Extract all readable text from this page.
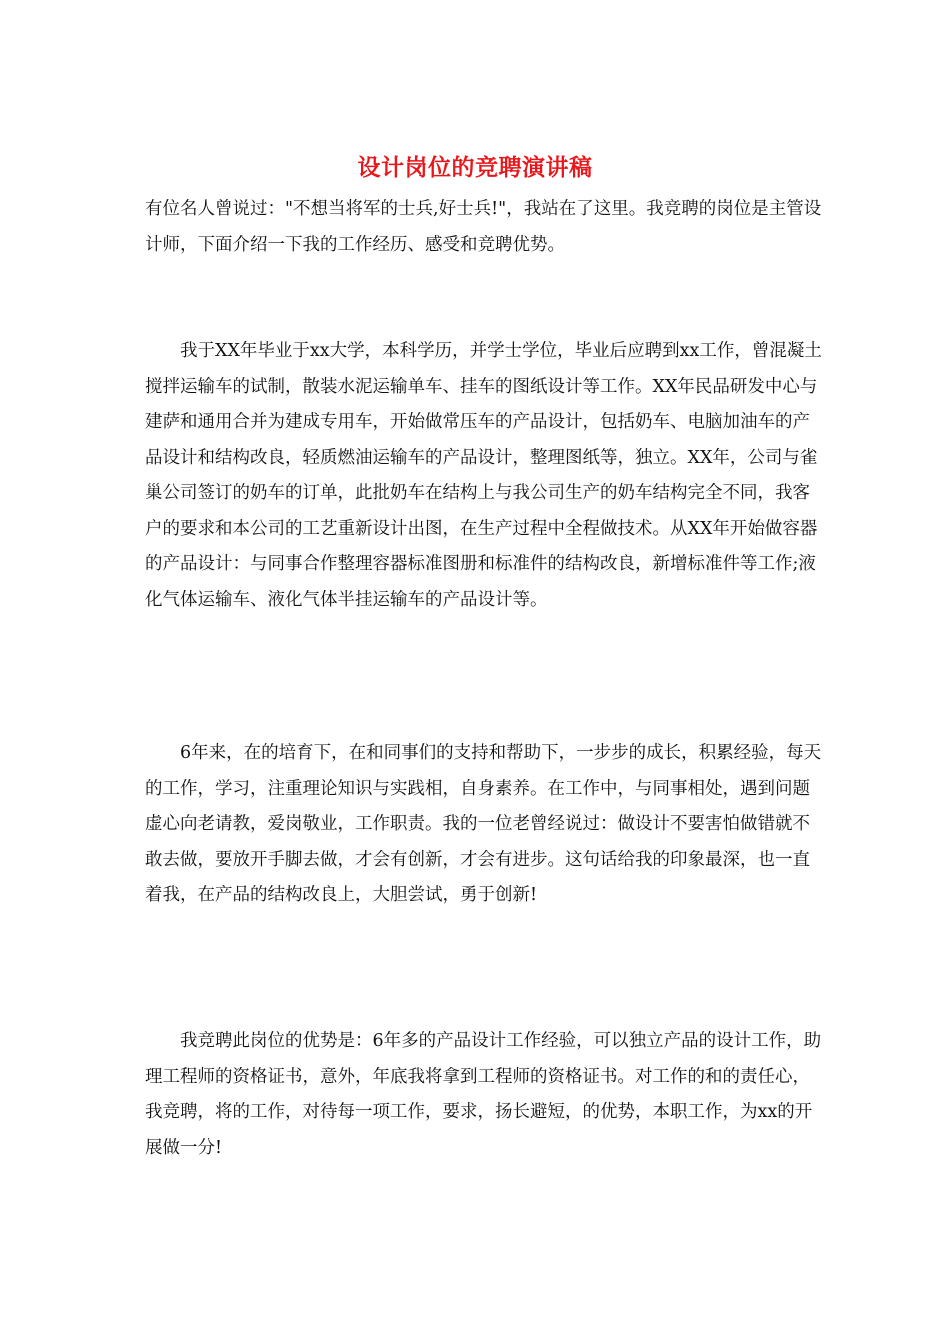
设计岗位的竞聘演讲稿

有位名人曾说过："不想当将军的士兵,好士兵!"，我站在了这里。我竞聘的岗位是主管设计师，下面介绍一下我的工作经历、感受和竞聘优势。

我于XX年毕业于xx大学，本科学历，并学士学位，毕业后应聘到xx工作，曾混凝土搅拌运输车的试制，散装水泥运输单车、挂车的图纸设计等工作。XX年民品研发中心与建萨和通用合并为建成专用车，开始做常压车的产品设计，包括奶车、电脑加油车的产品设计和结构改良，轻质燃油运输车的产品设计，整理图纸等，独立。XX年，公司与雀巢公司签订的奶车的订单，此批奶车在结构上与我公司生产的奶车结构完全不同，我客户的要求和本公司的工艺重新设计出图，在生产过程中全程做技术。从XX年开始做容器的产品设计：与同事合作整理容器标准图册和标准件的结构改良，新增标准件等工作;液化气体运输车、液化气体半挂运输车的产品设计等。

6年来，在的培育下，在和同事们的支持和帮助下，一步步的成长，积累经验，每天的工作，学习，注重理论知识与实践相，自身素养。在工作中，与同事相处，遇到问题虚心向老请教，爱岗敬业，工作职责。我的一位老曾经说过：做设计不要害怕做错就不敢去做，要放开手脚去做，才会有创新，才会有进步。这句话给我的印象最深，也一直着我，在产品的结构改良上，大胆尝试，勇于创新!

我竞聘此岗位的优势是：6年多的产品设计工作经验，可以独立产品的设计工作，助理工程师的资格证书，意外，年底我将拿到工程师的资格证书。对工作的和的责任心，我竞聘，将的工作，对待每一项工作，要求，扬长避短，的优势，本职工作，为xx的开展做一分!
